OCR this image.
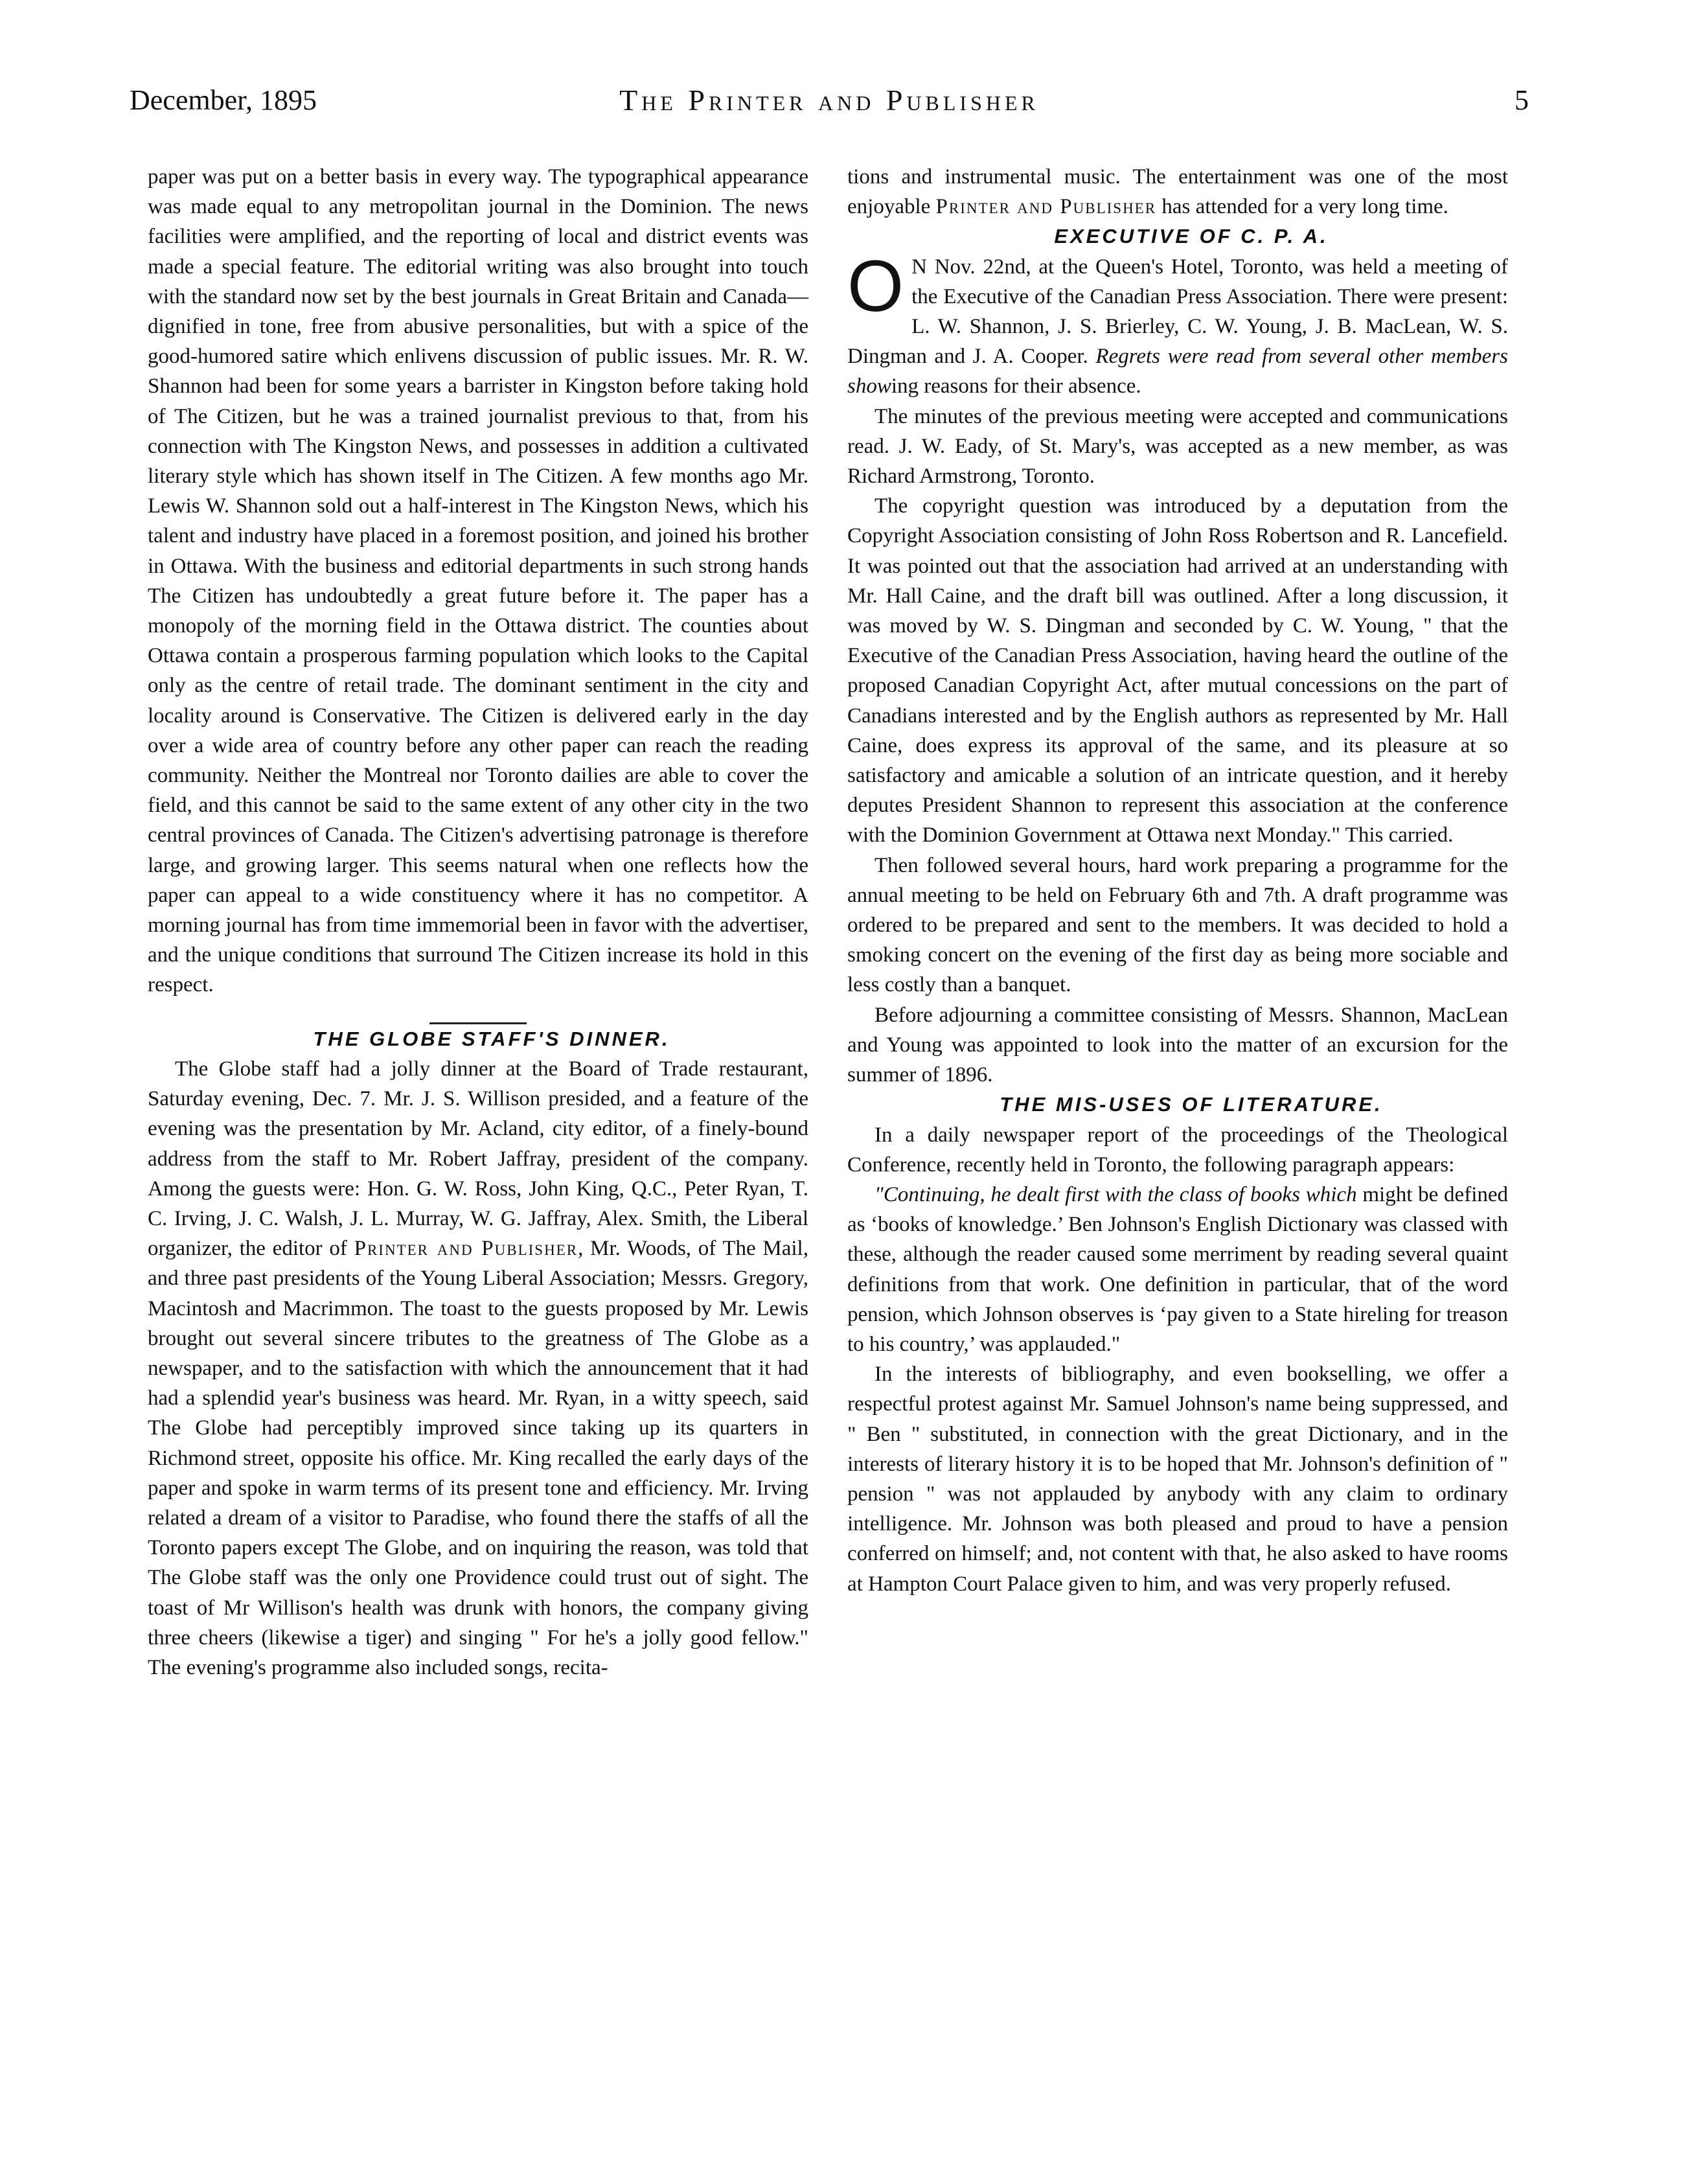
December, 1895	The Printer and Publisher	5

paper was put on a better basis in every way. The typographical appearance was made equal to any metropolitan journal in the Dominion. The news facilities were amplified, and the reporting of local and district events was made a special feature. The editorial writing was also brought into touch with the standard now set by the best journals in Great Britain and Canada—dignified in tone, free from abusive personalities, but with a spice of the good-humored satire which enlivens discussion of public issues. Mr. R. W. Shannon had been for some years a barrister in Kingston before taking hold of The Citizen, but he was a trained journalist previous to that, from his connection with The Kingston News, and possesses in addition a cultivated literary style which has shown itself in The Citizen. A few months ago Mr. Lewis W. Shannon sold out a half-interest in The Kingston News, which his talent and industry have placed in a foremost position, and joined his brother in Ottawa. With the business and editorial departments in such strong hands The Citizen has undoubtedly a great future before it. The paper has a monopoly of the morning field in the Ottawa district. The counties about Ottawa contain a prosperous farming population which looks to the Capital only as the centre of retail trade. The dominant sentiment in the city and locality around is Conservative. The Citizen is delivered early in the day over a wide area of country before any other paper can reach the reading community. Neither the Montreal nor Toronto dailies are able to cover the field, and this cannot be said to the same extent of any other city in the two central provinces of Canada. The Citizen's advertising patronage is therefore large, and growing larger. This seems natural when one reflects how the paper can appeal to a wide constituency where it has no competitor. A morning journal has from time immemorial been in favor with the advertiser, and the unique conditions that surround The Citizen increase its hold in this respect.

THE GLOBE STAFF'S DINNER.

The Globe staff had a jolly dinner at the Board of Trade restaurant, Saturday evening, Dec. 7. Mr. J. S. Willison presided, and a feature of the evening was the presentation by Mr. Acland, city editor, of a finely-bound address from the staff to Mr. Robert Jaffray, president of the company. Among the guests were: Hon. G. W. Ross, John King, Q.C., Peter Ryan, T. C. Irving, J. C. Walsh, J. L. Murray, W. G. Jaffray, Alex. Smith, the Liberal organizer, the editor of Printer and Publisher, Mr. Woods, of The Mail, and three past presidents of the Young Liberal Association; Messrs. Gregory, Macintosh and Macrimmon. The toast to the guests proposed by Mr. Lewis brought out several sincere tributes to the greatness of The Globe as a newspaper, and to the satisfaction with which the announcement that it had had a splendid year's business was heard. Mr. Ryan, in a witty speech, said The Globe had perceptibly improved since taking up its quarters in Richmond street, opposite his office. Mr. King recalled the early days of the paper and spoke in warm terms of its present tone and efficiency. Mr. Irving related a dream of a visitor to Paradise, who found there the staffs of all the Toronto papers except The Globe, and on inquiring the reason, was told that The Globe staff was the only one Providence could trust out of sight. The toast of Mr Willison's health was drunk with honors, the company giving three cheers (likewise a tiger) and singing " For he's a jolly good fellow." The evening's programme also included songs, recita-

tions and instrumental music. The entertainment was one of the most enjoyable Printer and Publisher has attended for a very long time.

EXECUTIVE OF C. P. A.

O N Nov. 22nd, at the Queen's Hotel, Toronto, was held a meeting of the Executive of the Canadian Press Association. There were present: L. W. Shannon, J. S. Brierley, C. W. Young, J. B. MacLean, W. S. Dingman and J. A. Cooper. Regrets were read from several other members showing reasons for their absence.

The minutes of the previous meeting were accepted and communications read. J. W. Eady, of St. Mary's, was accepted as a new member, as was Richard Armstrong, Toronto.

The copyright question was introduced by a deputation from the Copyright Association consisting of John Ross Robertson and R. Lancefield. It was pointed out that the association had arrived at an understanding with Mr. Hall Caine, and the draft bill was outlined. After a long discussion, it was moved by W. S. Dingman and seconded by C. W. Young, " that the Executive of the Canadian Press Association, having heard the outline of the proposed Canadian Copyright Act, after mutual concessions on the part of Canadians interested and by the English authors as represented by Mr. Hall Caine, does express its approval of the same, and its pleasure at so satisfactory and amicable a solution of an intricate question, and it hereby deputes President Shannon to represent this association at the conference with the Dominion Government at Ottawa next Monday." This carried.

Then followed several hours, hard work preparing a programme for the annual meeting to be held on February 6th and 7th. A draft programme was ordered to be prepared and sent to the members. It was decided to hold a smoking concert on the evening of the first day as being more sociable and less costly than a banquet.

Before adjourning a committee consisting of Messrs. Shannon, MacLean and Young was appointed to look into the matter of an excursion for the summer of 1896.

THE MIS-USES OF LITERATURE.

In a daily newspaper report of the proceedings of the Theological Conference, recently held in Toronto, the following paragraph appears:

"Continuing, he dealt first with the class of books which might be defined as ‘books of knowledge.’ Ben Johnson's English Dictionary was classed with these, although the reader caused some merriment by reading several quaint definitions from that work. One definition in particular, that of the word pension, which Johnson observes is ‘pay given to a State hireling for treason to his country,’ was applauded."

In the interests of bibliography, and even bookselling, we offer a respectful protest against Mr. Samuel Johnson's name being suppressed, and " Ben " substituted, in connection with the great Dictionary, and in the interests of literary history it is to be hoped that Mr. Johnson's definition of " pension " was not applauded by anybody with any claim to ordinary intelligence. Mr. Johnson was both pleased and proud to have a pension conferred on himself; and, not content with that, he also asked to have rooms at Hampton Court Palace given to him, and was very properly refused.
